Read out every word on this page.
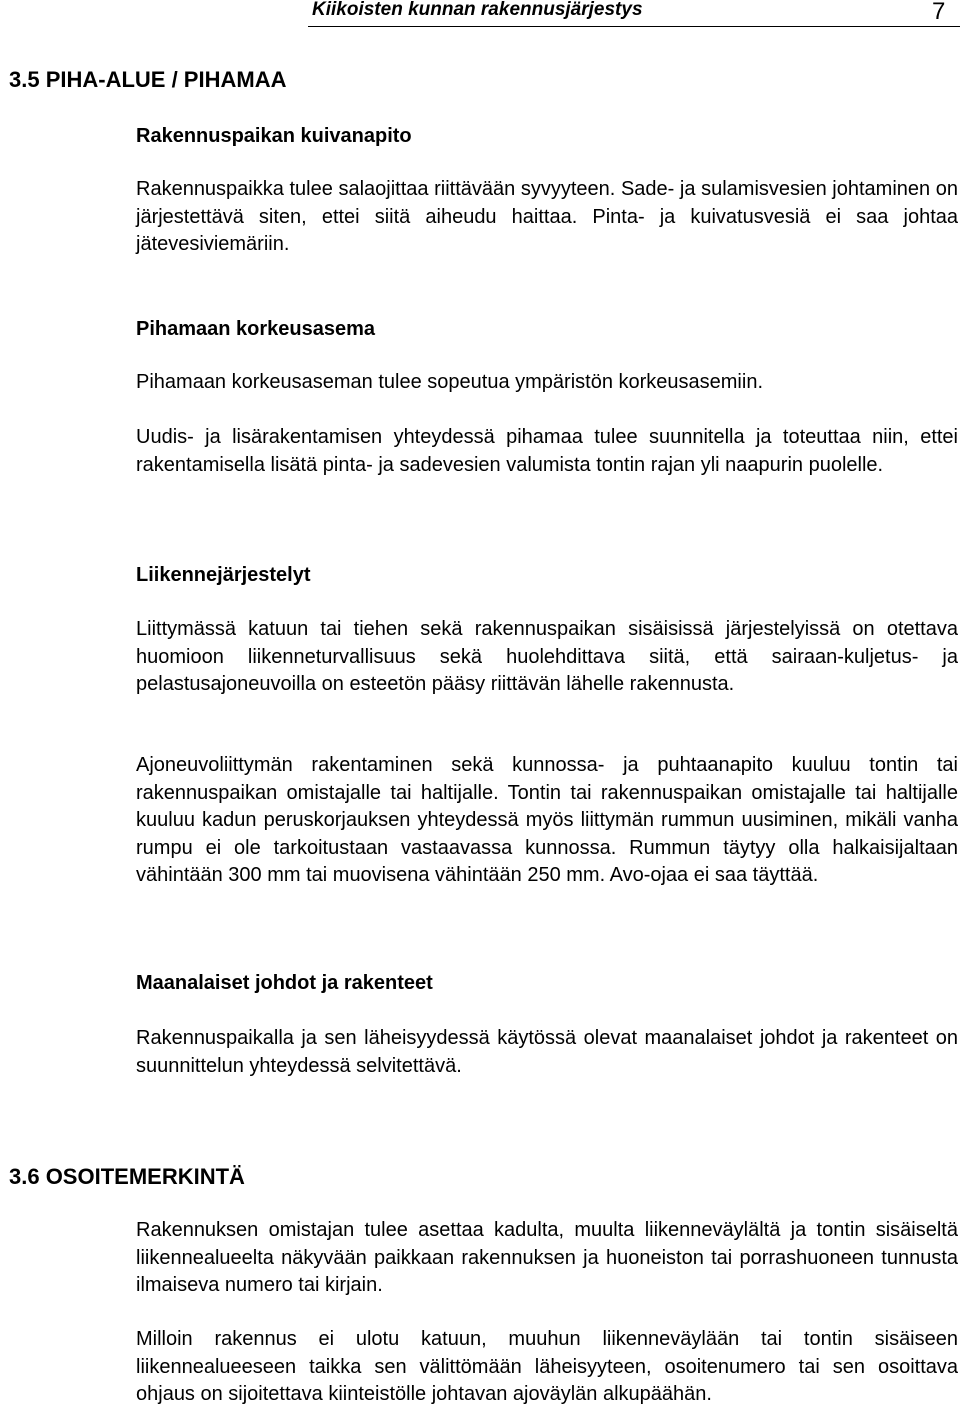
Kiikoisten kunnan rakennusjärjestys	7
3.5 PIHA-ALUE / PIHAMAA
Rakennuspaikan kuivanapito

Rakennuspaikka tulee salaojittaa riittävään syvyyteen. Sade- ja sulamisvesien johtaminen on järjestettävä siten, ettei siitä aiheudu haittaa. Pinta- ja kuivatusvesiä ei saa johtaa jätevesiviemäriin.

Pihamaan korkeusasema

Pihamaan korkeusaseman tulee sopeutua ympäristön korkeusasemiin.

Uudis- ja lisärakentamisen yhteydessä pihamaa tulee suunnitella ja toteuttaa niin, ettei rakentamisella lisätä pinta- ja sadevesien valumista tontin rajan yli naapurin puolelle.

Liikennejärjestelyt

Liittymässä katuun tai tiehen sekä rakennuspaikan sisäisissä järjestelyissä on otettava huomioon liikenneturvallisuus sekä huolehdittava siitä, että sairaan-kuljetus- ja pelastusajoneuvoilla on esteetön pääsy riittävän lähelle rakennusta.

Ajoneuvoliittymän rakentaminen sekä kunnossa- ja puhtaanapito kuuluu tontin tai rakennuspaikan omistajalle tai haltijalle. Tontin tai rakennuspaikan omistajalle tai haltijalle kuuluu kadun peruskorjauksen yhteydessä myös liittymän rummun uusiminen, mikäli vanha rumpu ei ole tarkoitustaan vastaavassa kunnossa. Rummun täytyy olla halkaisijaltaan vähintään 300 mm tai muovisena vähintään 250 mm. Avo-ojaa ei saa täyttää.

Maanalaiset johdot ja rakenteet

Rakennuspaikalla ja sen läheisyydessä käytössä olevat maanalaiset johdot ja rakenteet on suunnittelun yhteydessä selvitettävä.

3.6 OSOITEMERKINTÄ

Rakennuksen omistajan tulee asettaa kadulta, muulta liikenneväylältä ja tontin sisäiseltä liikennealueelta näkyvään paikkaan rakennuksen ja huoneiston tai porrashuoneen tunnusta ilmaiseva numero tai kirjain.

Milloin rakennus ei ulotu katuun, muuhun liikenneväylään tai tontin sisäiseen liikennealueeseen taikka sen välittömään läheisyyteen, osoitenumero tai sen osoittava ohjaus on sijoitettava kiinteistölle johtavan ajoväylän alkupäähän.
